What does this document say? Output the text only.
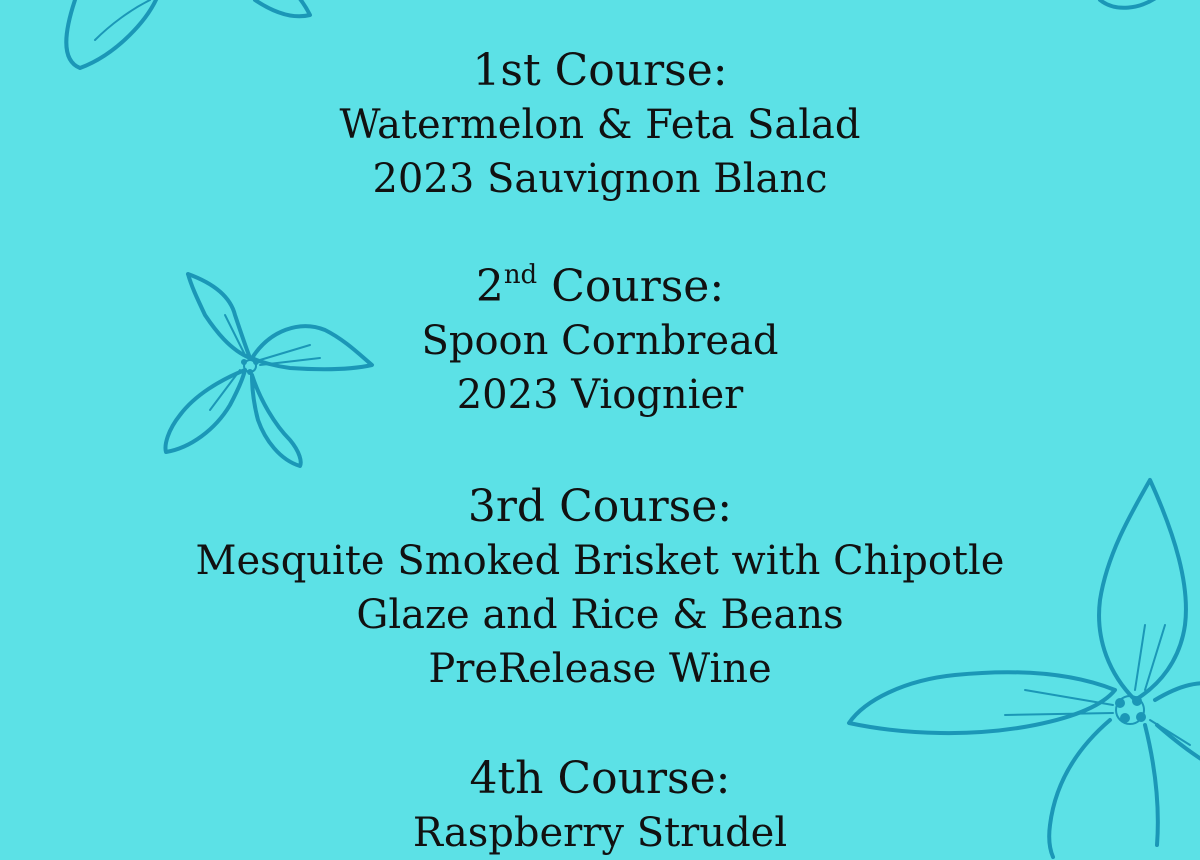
1st Course:

Watermelon & Feta Salad

2023 Sauvignon Blanc

2nd Course:

Spoon Cornbread

2023 Viognier

3rd Course:

Mesquite Smoked Brisket with Chipotle

Glaze and Rice & Beans

PreRelease Wine

4th Course:

Raspberry Strudel
